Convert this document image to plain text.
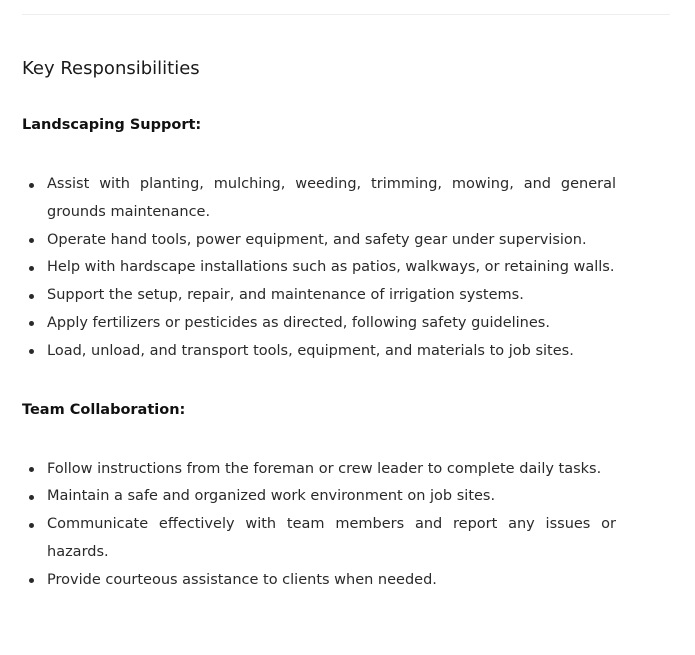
Key Responsibilities

Landscaping Support:

Assist with planting, mulching, weeding, trimming, mowing, and general grounds maintenance.
Operate hand tools, power equipment, and safety gear under supervision.
Help with hardscape installations such as patios, walkways, or retaining walls.
Support the setup, repair, and maintenance of irrigation systems.
Apply fertilizers or pesticides as directed, following safety guidelines.
Load, unload, and transport tools, equipment, and materials to job sites.

Team Collaboration:

Follow instructions from the foreman or crew leader to complete daily tasks.
Maintain a safe and organized work environment on job sites.
Communicate effectively with team members and report any issues or hazards.
Provide courteous assistance to clients when needed.
